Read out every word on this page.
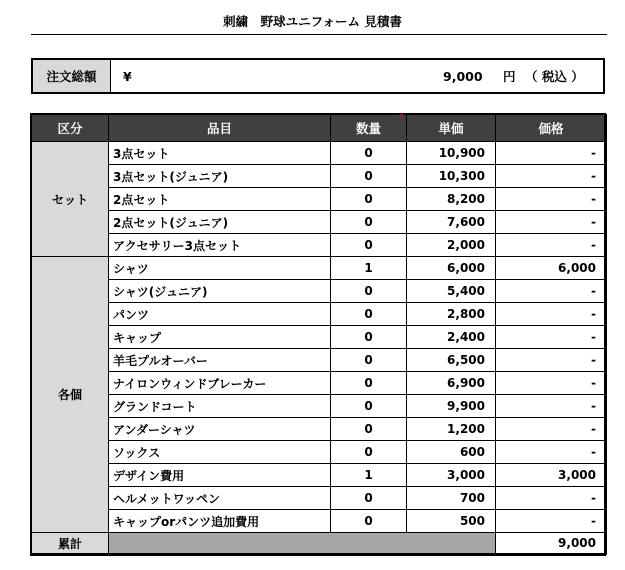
刺繍　野球ユニフォーム 見積書
注文総額	¥	9,000 円 （ 税込 ）
区分	品目	数量	単価	価格
セット	3点セット	0	10,900	-
	3点セット(ジュニア)	0	10,300	-
	2点セット	0	8,200	-
	2点セット(ジュニア)	0	7,600	-
	アクセサリー3点セット	0	2,000	-
各個	シャツ	1	6,000	6,000
	シャツ(ジュニア)	0	5,400	-
	パンツ	0	2,800	-
	キャップ	0	2,400	-
	羊毛プルオーバー	0	6,500	-
	ナイロンウィンドブレーカー	0	6,900	-
	グランドコート	0	9,900	-
	アンダーシャツ	0	1,200	-
	ソックス	0	600	-
	デザイン費用	1	3,000	3,000
	ヘルメットワッペン	0	700	-
	キャップorパンツ追加費用	0	500	-
累計				9,000
